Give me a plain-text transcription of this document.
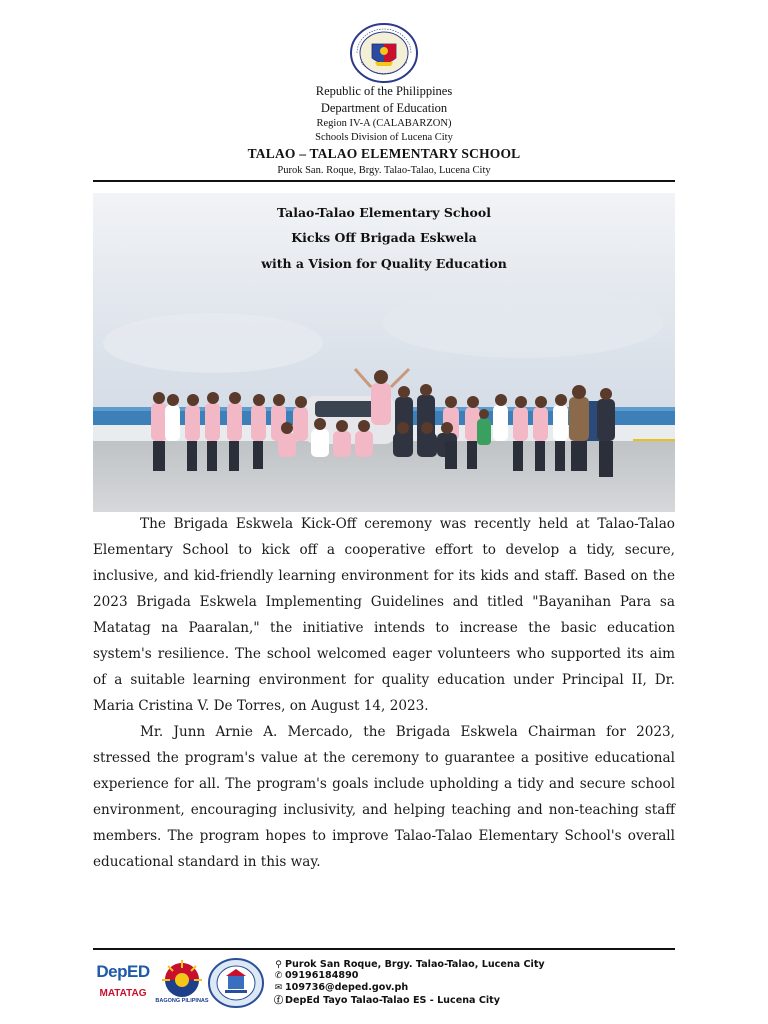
Republic of the Philippines
Department of Education
Region IV-A (CALABARZON)
Schools Division of Lucena City
TALAO – TALAO ELEMENTARY SCHOOL
Purok San. Roque, Brgy. Talao-Talao, Lucena City
Talao-Talao Elementary School
Kicks Off Brigada Eskwela
with a Vision for Quality Education

The Brigada Eskwela Kick-Off ceremony was recently held at Talao-Talao Elementary School to kick off a cooperative effort to develop a tidy, secure, inclusive, and kid-friendly learning environment for its kids and staff. Based on the 2023 Brigada Eskwela Implementing Guidelines and titled "Bayanihan Para sa Matatag na Paaralan," the initiative intends to increase the basic education system's resilience. The school welcomed eager volunteers who supported its aim of a suitable learning environment for quality education under Principal II, Dr. Maria Cristina V. De Torres, on August 14, 2023.

Mr. Junn Arnie A. Mercado, the Brigada Eskwela Chairman for 2023, stressed the program's value at the ceremony to guarantee a positive educational experience for all. The program's goals include upholding a tidy and secure school environment, encouraging inclusivity, and helping teaching and non-teaching staff members. The program hopes to improve Talao-Talao Elementary School's overall educational standard in this way.

DepED
MATATAG
BAGONG PILIPINAS
⚲ Purok San Roque, Brgy. Talao-Talao, Lucena City
✆ 09196184890
✉ 109736@deped.gov.ph
ⓕ DepEd Tayo Talao-Talao ES - Lucena City
